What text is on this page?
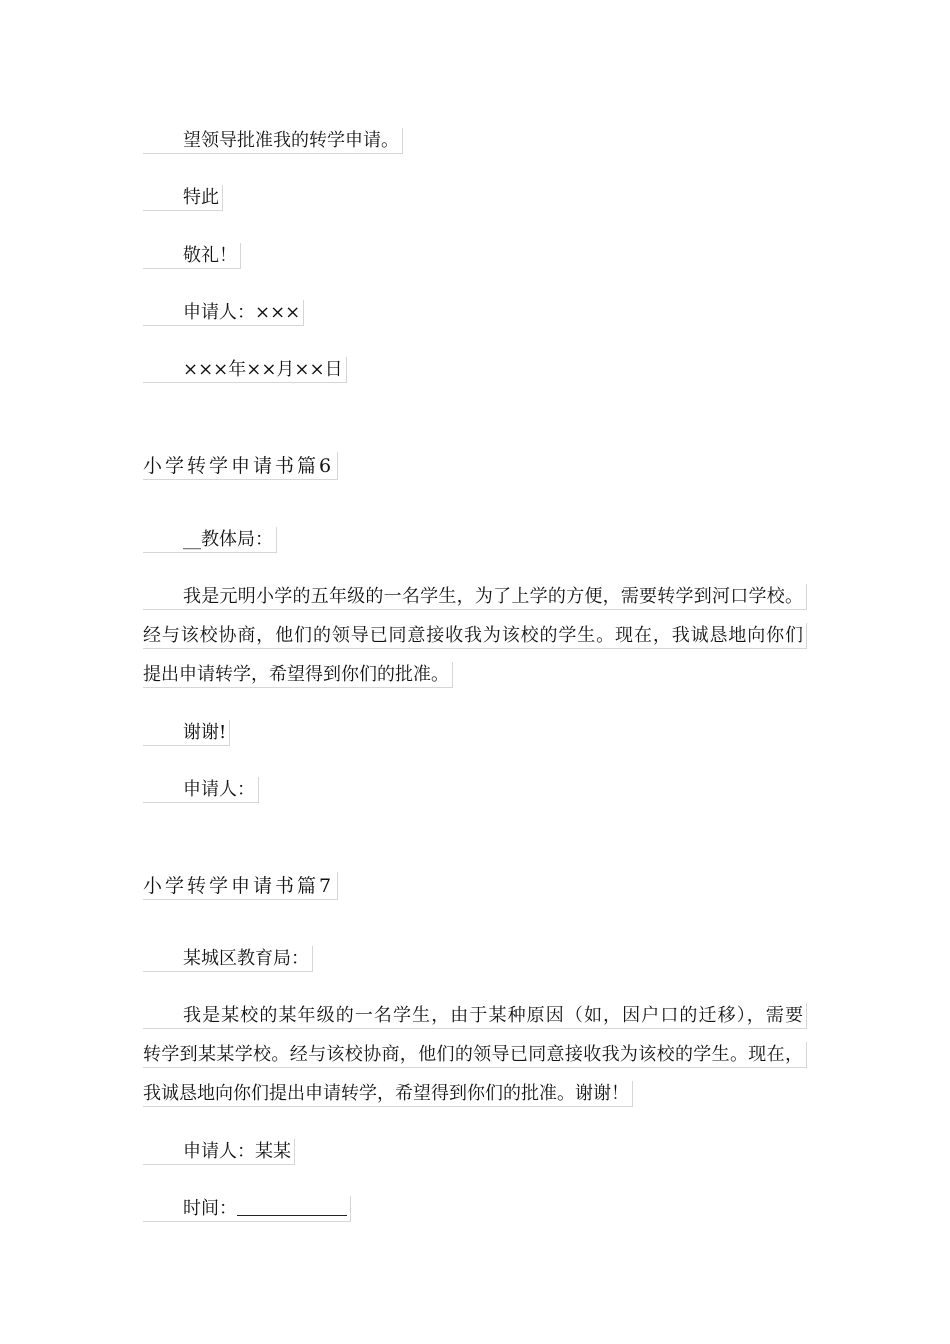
望领导批准我的转学申请。
特此
敬礼！
申请人：×××
×××年××月××日
小学转学申请书篇6
__教体局：
我是元明小学的五年级的一名学生，为了上学的方便，需要转学到河口学校。
经与该校协商，他们的领导已同意接收我为该校的学生。现在，我诚恳地向你们
提出申请转学，希望得到你们的批准。
谢谢!
申请人：
小学转学申请书篇7
某城区教育局：
我是某校的某年级的一名学生，由于某种原因（如，因户口的迁移），需要
转学到某某学校。经与该校协商，他们的领导已同意接收我为该校的学生。现在，
我诚恳地向你们提出申请转学，希望得到你们的批准。谢谢！
申请人：某某
时间：
